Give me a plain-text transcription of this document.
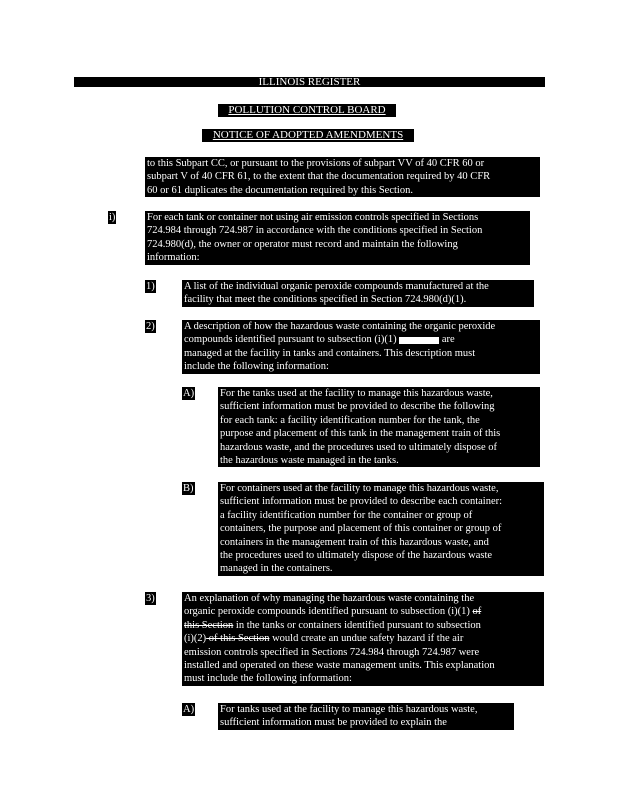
ILLINOIS REGISTER
POLLUTION CONTROL BOARD
NOTICE OF ADOPTED AMENDMENTS

to this Subpart CC, or pursuant to the provisions of subpart VV of 40 CFR 60 or

subpart V of 40 CFR 61, to the extent that the documentation required by 40 CFR

60 or 61 duplicates the documentation required by this Section.

i)	For each tank or container not using air emission controls specified in Sections

724.984 through 724.987 in accordance with the conditions specified in Section

724.980(d), the owner or operator must record and maintain the following

information:

1)	A list of the individual organic peroxide compounds manufactured at the

facility that meet the conditions specified in Section 724.980(d)(1).

2)	A description of how the hazardous waste containing the organic peroxide

compounds identified pursuant to subsection (i)(1)	are

managed at the facility in tanks and containers. This description must

include the following information:

A) For the tanks used at the facility to manage this hazardous waste,

sufficient information must be provided to describe the following

for each tank: a facility identification number for the tank, the

purpose and placement of this tank in the management train of this

hazardous waste, and the procedures used to ultimately dispose of

the hazardous waste managed in the tanks.

B)	For containers used at the facility to manage this hazardous waste,

sufficient information must be provided to describe each container:

a facility identification number for the container or group of

containers, the purpose and placement of this container or group of

containers in the management train of this hazardous waste, and

the procedures used to ultimately dispose of the hazardous waste

managed in the containers.

3)	An explanation of why managing the hazardous waste containing the

organic peroxide compounds identified pursuant to subsection (i)(1) of

this Section in the tanks or containers identified pursuant to subsection

(i)(2) of this Section would create an undue safety hazard if the air

emission controls specified in Sections 724.984 through 724.987 were

installed and operated on these waste management units. This explanation

must include the following information:

A) For tanks used at the facility to manage this hazardous waste,

sufficient information must be provided to explain the
